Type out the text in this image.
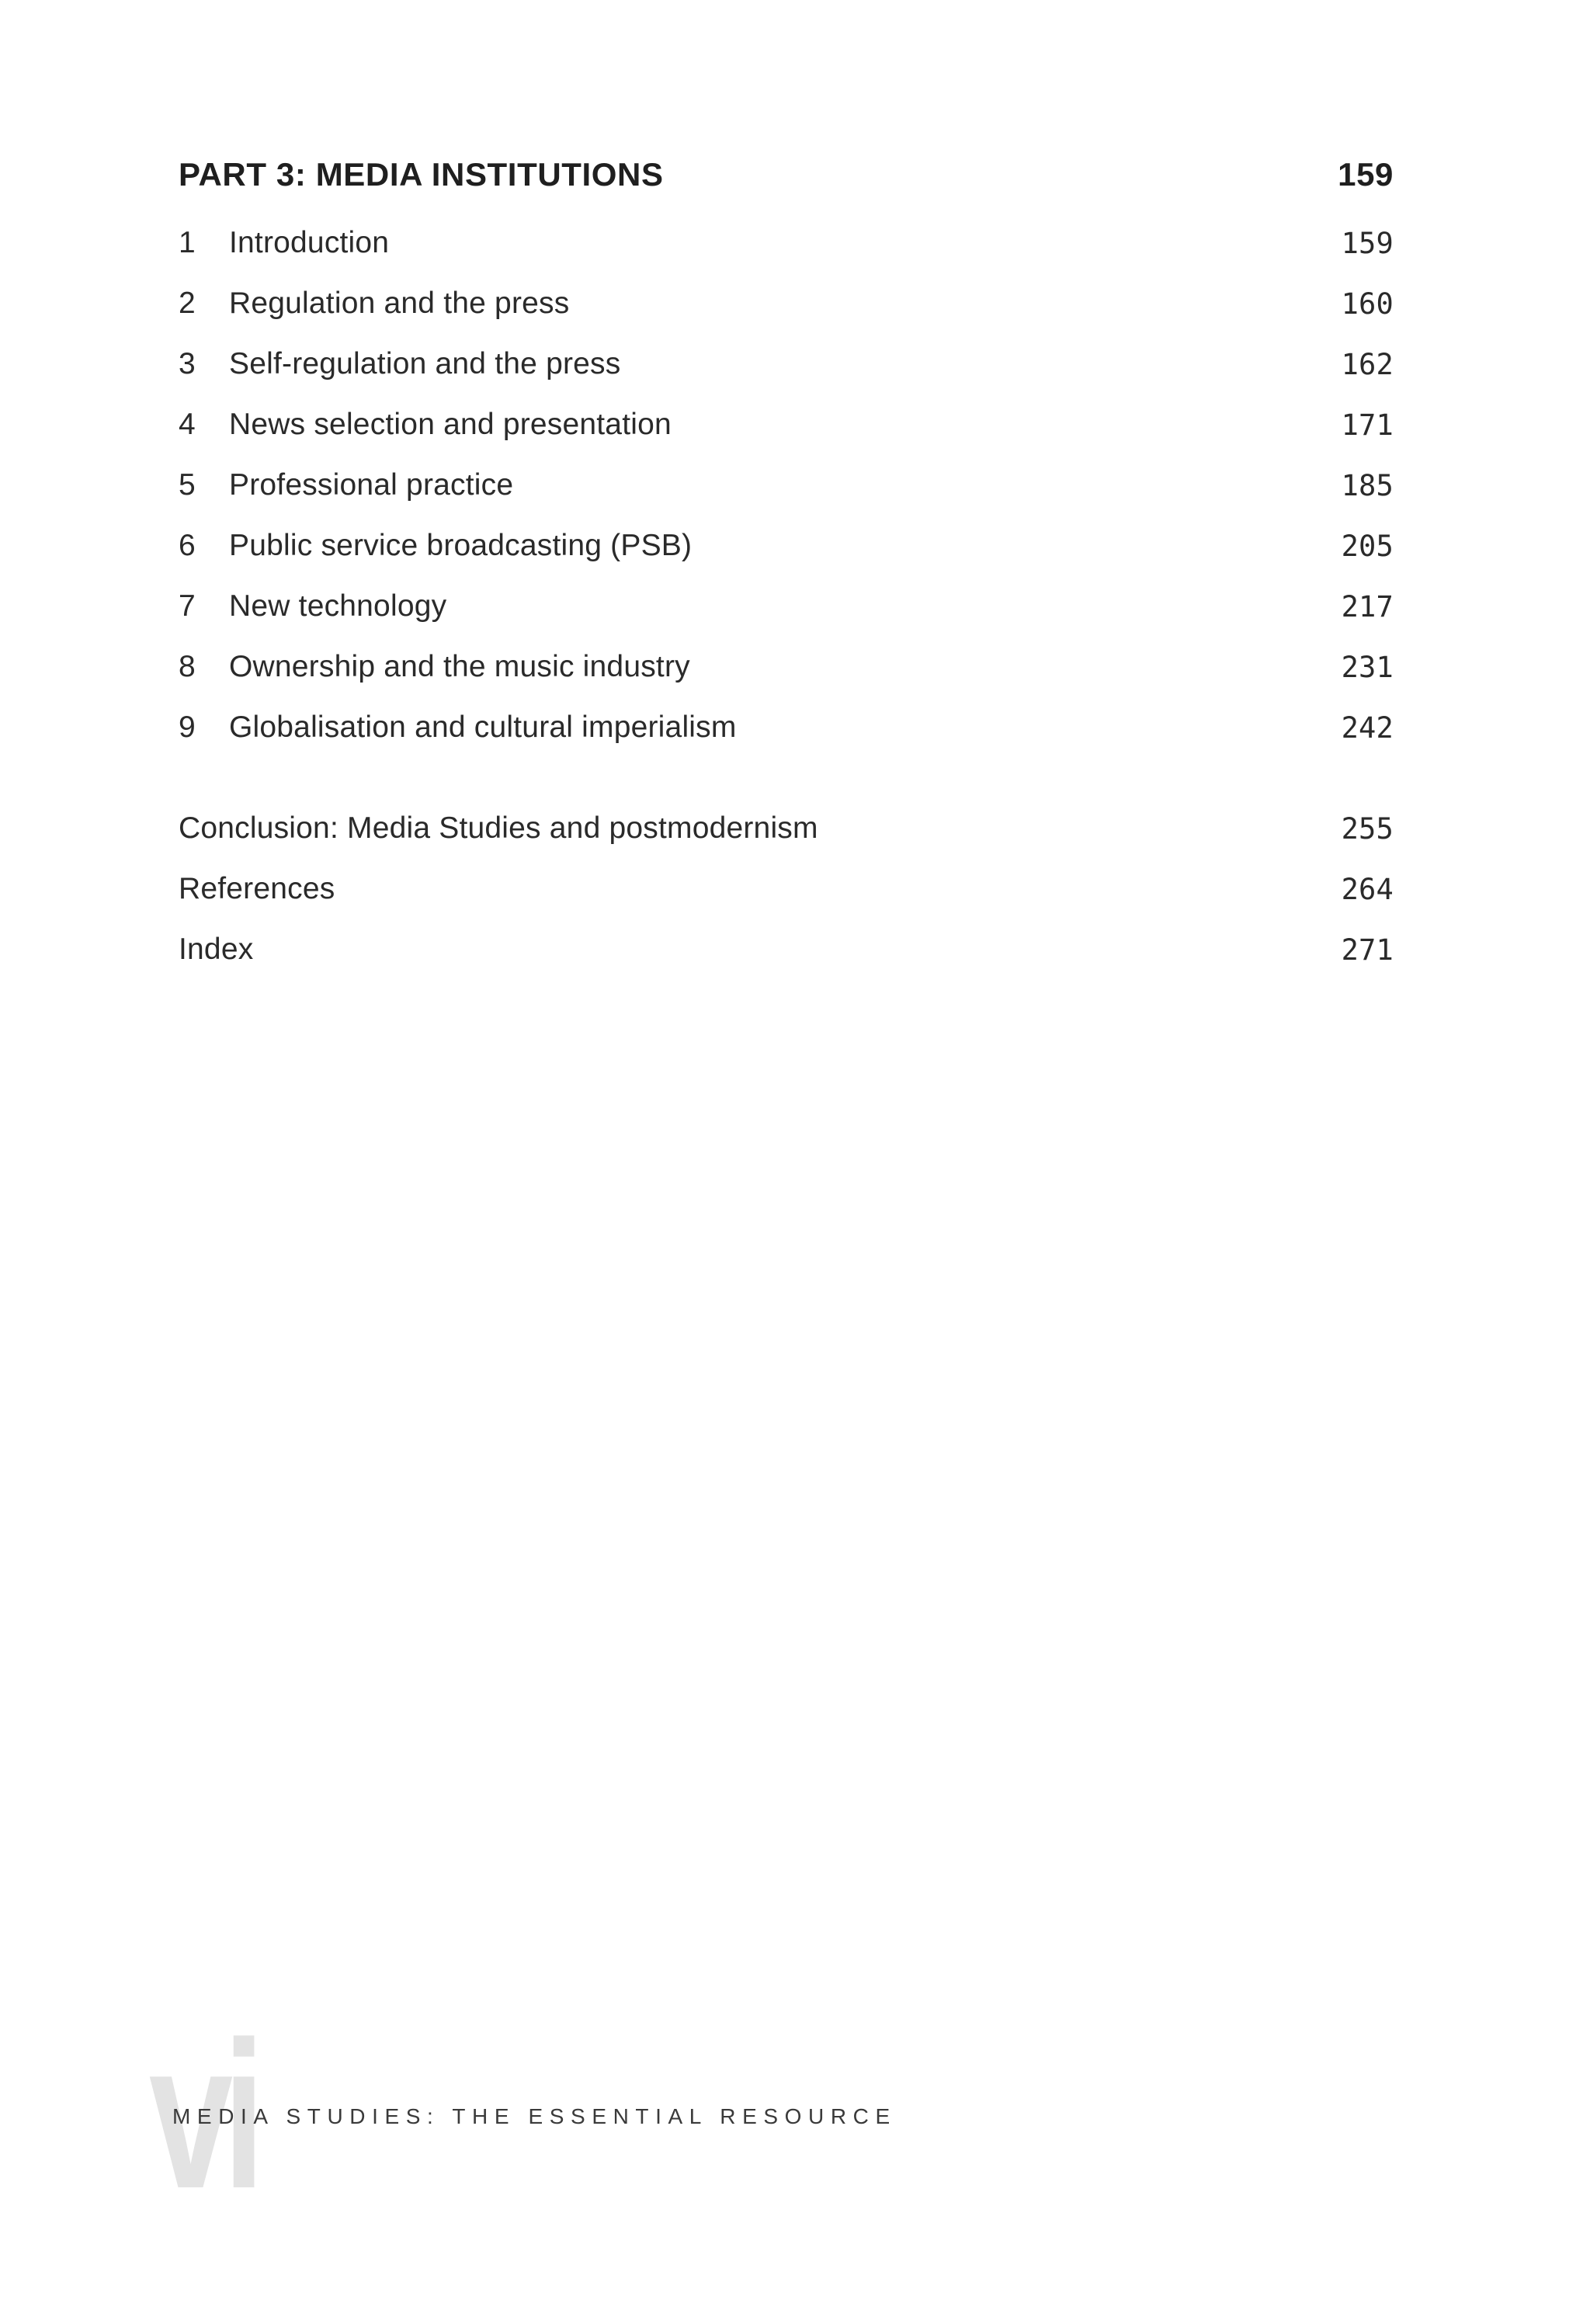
PART 3: MEDIA INSTITUTIONS	159
1	Introduction	159
2	Regulation and the press	160
3	Self-regulation and the press	162
4	News selection and presentation	171
5	Professional practice	185
6	Public service broadcasting (PSB)	205
7	New technology	217
8	Ownership and the music industry	231
9	Globalisation and cultural imperialism	242
Conclusion: Media Studies and postmodernism	255
References	264
Index	271
vi
MEDIA STUDIES: THE ESSENTIAL RESOURCE
